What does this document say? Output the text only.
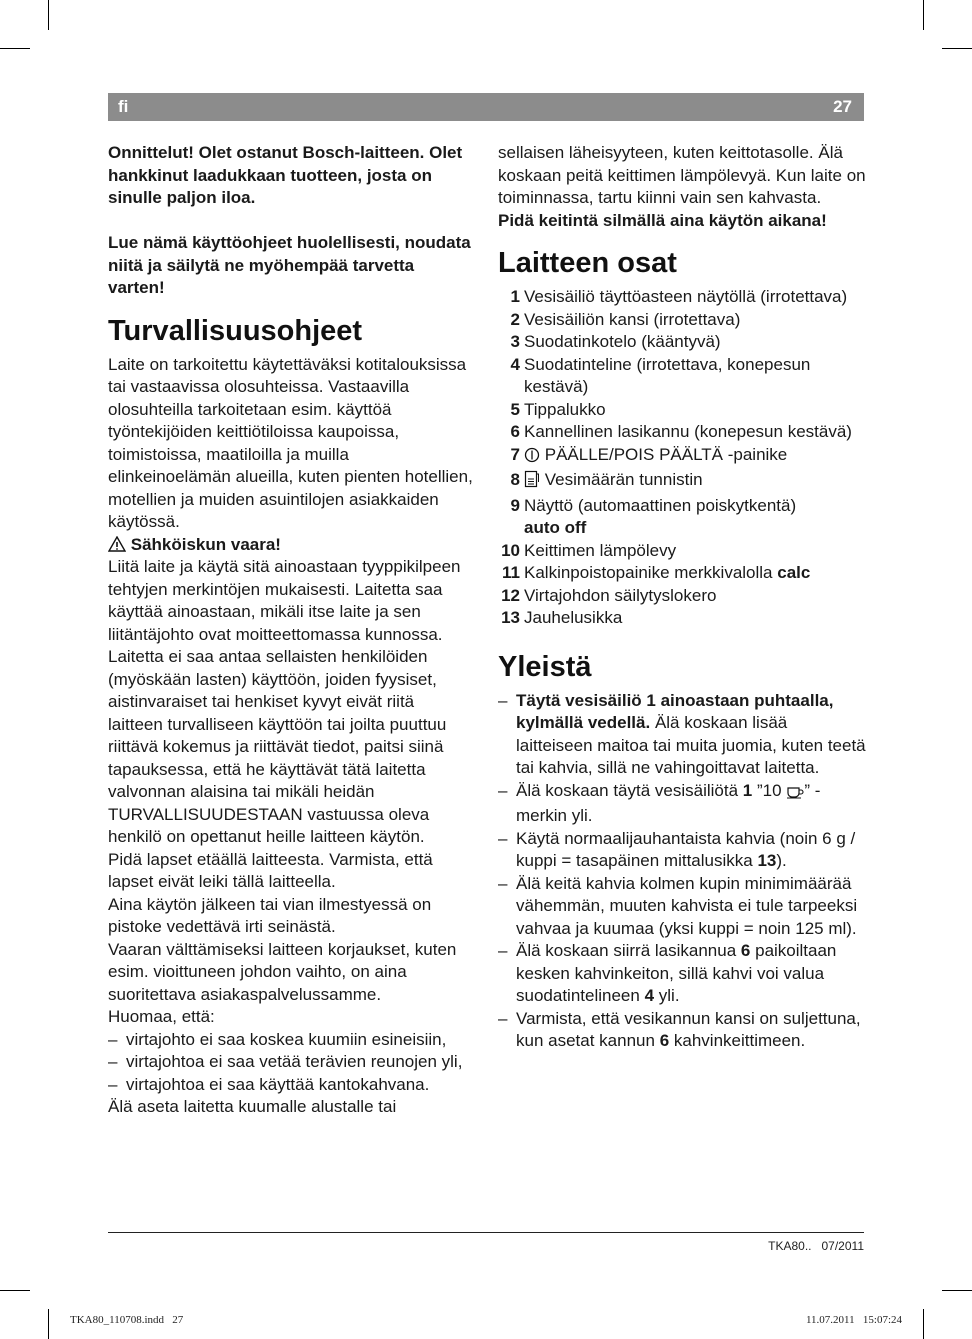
fi	27

Onnittelut! Olet ostanut Bosch-laitteen. Olet hankkinut laadukkaan tuotteen, josta on sinulle paljon iloa.

Lue nämä käyttöohjeet huolellisesti, noudata niitä ja säilytä ne myöhempää tarvetta varten!

Turvallisuusohjeet

Laite on tarkoitettu käytettäväksi kotitalouksissa tai vastaavissa olosuhteissa. Vastaavilla olosuhteilla tarkoitetaan esim. käyttöä työntekijöiden keittiötiloissa kaupoissa, toimistoissa, maatiloilla ja muilla elinkeinoelämän alueilla, kuten pienten hotellien, motellien ja muiden asuintilojen asiakkaiden käytössä.

Sähköiskun vaara!

Liitä laite ja käytä sitä ainoastaan tyyppikilpeen tehtyjen merkintöjen mukaisesti. Laitetta saa käyttää ainoastaan, mikäli itse laite ja sen liitäntäjohto ovat moitteettomassa kunnossa.

Laitetta ei saa antaa sellaisten henkilöiden (myöskään lasten) käyttöön, joiden fyysiset, aistinvaraiset tai henkiset kyvyt eivät riitä laitteen turvalliseen käyttöön tai joilta puuttuu riittävä kokemus ja riittävät tiedot, paitsi siinä tapauksessa, että he käyttävät tätä laitetta valvonnan alaisina tai mikäli heidän TURVALLISUUDESTAAN vastuussa oleva henkilö on opettanut heille laitteen käytön.

Pidä lapset etäällä laitteesta. Varmista, että lapset eivät leiki tällä laitteella.

Aina käytön jälkeen tai vian ilmestyessä on pistoke vedettävä irti seinästä.

Vaaran välttämiseksi laitteen korjaukset, kuten esim. vioittuneen johdon vaihto, on aina suoritettava asiakaspalvelussamme.

Huomaa, että:

– virtajohto ei saa koskea kuumiin esineisiin,
– virtajohtoa ei saa vetää terävien reunojen yli,
– virtajohtoa ei saa käyttää kantokahvana.

Älä aseta laitetta kuumalle alustalle tai

sellaisen läheisyyteen, kuten keittotasolle. Älä koskaan peitä keittimen lämpölevyä. Kun laite on toiminnassa, tartu kiinni vain sen kahvasta.

Pidä keitintä silmällä aina käytön aikana!

Laitteen osat
1 Vesisäiliö täyttöasteen näytöllä (irrotettava)
2 Vesisäiliön kansi (irrotettava)
3 Suodatinkotelo (kääntyvä)
4 Suodatinteline (irrotettava, konepesun kestävä)
5 Tippalukko
6 Kannellinen lasikannu (konepesun kestävä)
7	PÄÄLLE/POIS PÄÄLTÄ -painike
8	Vesimäärän tunnistin
9 Näyttö (automaattinen poiskytkentä)
auto off
10 Keittimen lämpölevy
11 Kalkinpoistopainike merkkivalolla calc
12 Virtajohdon säilytyslokero
13 Jauhelusikka
Yleistä
– Täytä vesisäiliö 1 ainoastaan puhtaalla, kylmällä vedellä. Älä koskaan lisää laitteiseen maitoa tai muita juomia, kuten teetä tai kahvia, sillä ne vahingoittavat laitetta.
– Älä koskaan täytä vesisäiliötä 1 ”10 ” -merkin yli.
– Käytä normaalijauhantaista kahvia (noin 6 g / kuppi = tasapäinen mittalusikka 13).
– Älä keitä kahvia kolmen kupin minimimäärää vähemmän, muuten kahvista ei tule tarpeeksi vahvaa ja kuumaa (yksi kuppi = noin 125 ml).
– Älä koskaan siirrä lasikannua 6 paikoiltaan kesken kahvinkeiton, sillä kahvi voi valua suodatintelineen 4 yli.
– Varmista, että vesikannun kansi on suljettuna, kun asetat kannun 6 kahvinkeittimeen.
TKA80.. 07/2011
TKA80_110708.indd   27	11.07.2011   15:07:24
